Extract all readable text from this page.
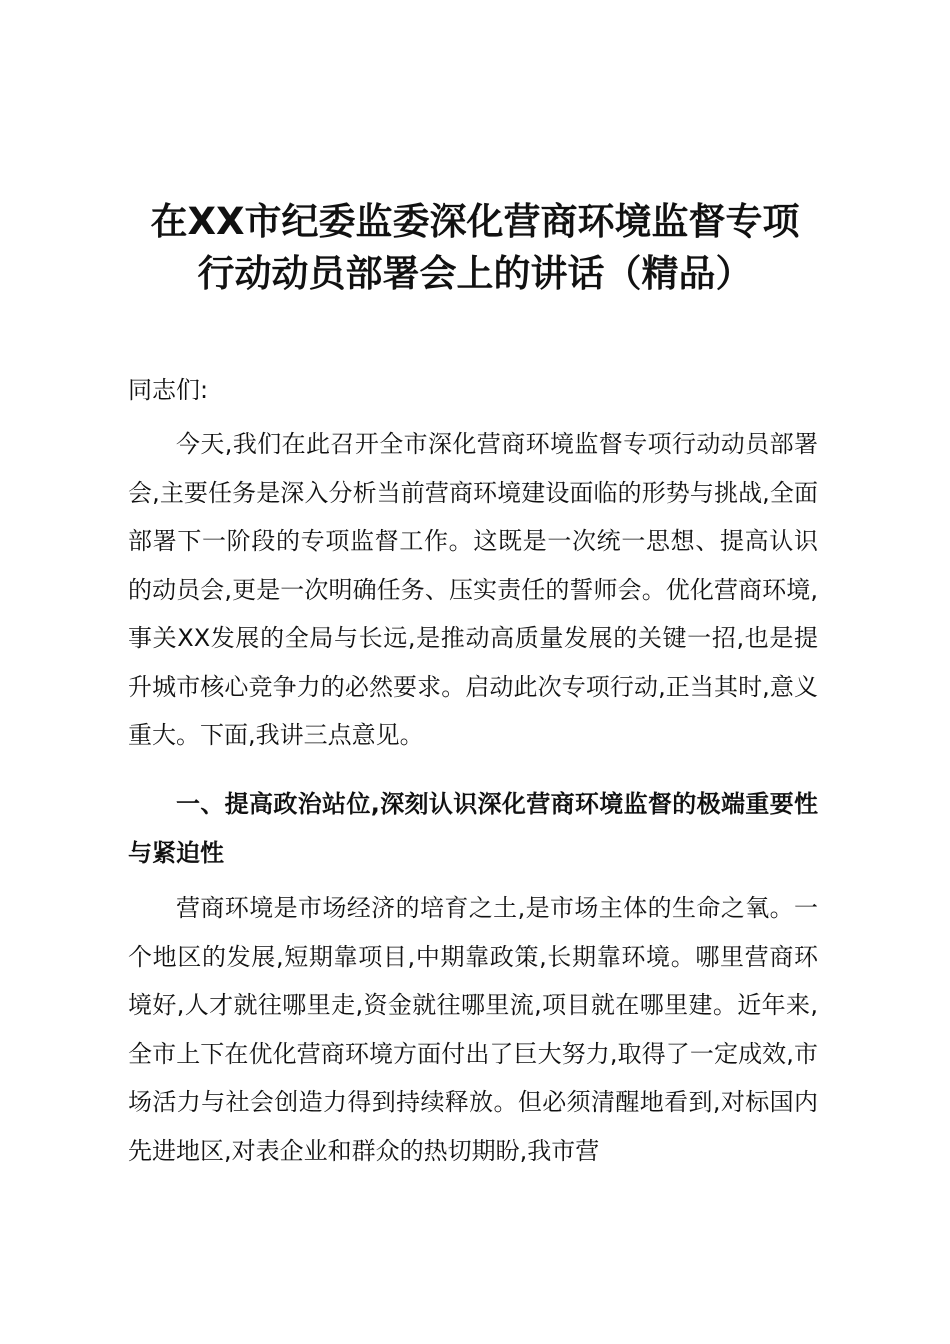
在XX市纪委监委深化营商环境监督专项
行动动员部署会上的讲话（精品）
同志们:
今天,我们在此召开全市深化营商环境监督专项行动动员部署会,主要任务是深入分析当前营商环境建设面临的形势与挑战,全面部署下一阶段的专项监督工作。这既是一次统一思想、提高认识的动员会,更是一次明确任务、压实责任的誓师会。优化营商环境,事关XX发展的全局与长远,是推动高质量发展的关键一招,也是提升城市核心竞争力的必然要求。启动此次专项行动,正当其时,意义重大。下面,我讲三点意见。
一、提高政治站位,深刻认识深化营商环境监督的极端重要性与紧迫性
营商环境是市场经济的培育之土,是市场主体的生命之氧。一个地区的发展,短期靠项目,中期靠政策,长期靠环境。哪里营商环境好,人才就往哪里走,资金就往哪里流,项目就在哪里建。近年来,全市上下在优化营商环境方面付出了巨大努力,取得了一定成效,市场活力与社会创造力得到持续释放。但必须清醒地看到,对标国内先进地区,对表企业和群众的热切期盼,我市营
